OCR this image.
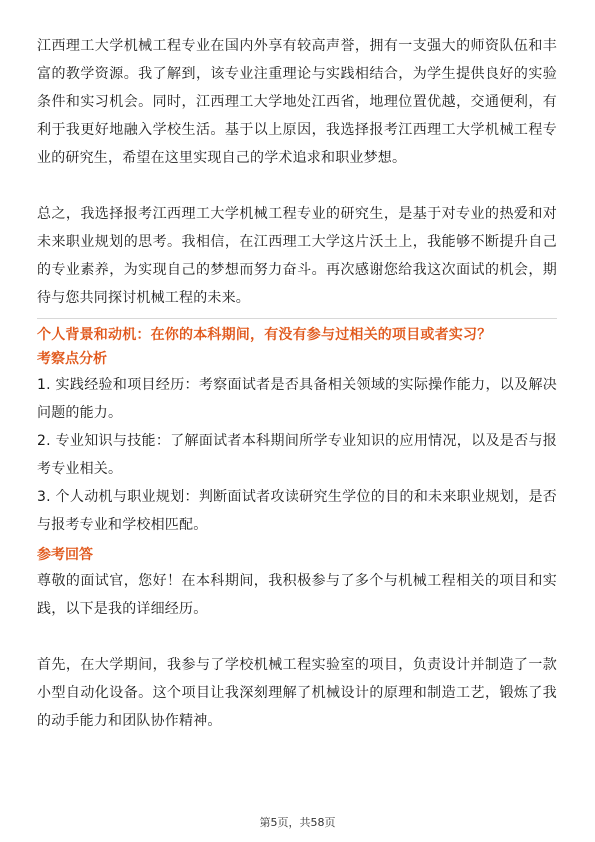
江西理工大学机械工程专业在国内外享有较高声誉，拥有一支强大的师资队伍和丰富的教学资源。我了解到，该专业注重理论与实践相结合，为学生提供良好的实验条件和实习机会。同时，江西理工大学地处江西省，地理位置优越，交通便利，有利于我更好地融入学校生活。基于以上原因，我选择报考江西理工大学机械工程专业的研究生，希望在这里实现自己的学术追求和职业梦想。

总之，我选择报考江西理工大学机械工程专业的研究生，是基于对专业的热爱和对未来职业规划的思考。我相信，在江西理工大学这片沃土上，我能够不断提升自己的专业素养，为实现自己的梦想而努力奋斗。再次感谢您给我这次面试的机会，期待与您共同探讨机械工程的未来。

个人背景和动机：在你的本科期间，有没有参与过相关的项目或者实习？

考察点分析

1. 实践经验和项目经历：考察面试者是否具备相关领域的实际操作能力，以及解决问题的能力。

2. 专业知识与技能：了解面试者本科期间所学专业知识的应用情况，以及是否与报考专业相关。

3. 个人动机与职业规划：判断面试者攻读研究生学位的目的和未来职业规划，是否与报考专业和学校相匹配。

参考回答

尊敬的面试官，您好！在本科期间，我积极参与了多个与机械工程相关的项目和实践，以下是我的详细经历。

首先，在大学期间，我参与了学校机械工程实验室的项目，负责设计并制造了一款小型自动化设备。这个项目让我深刻理解了机械设计的原理和制造工艺，锻炼了我的动手能力和团队协作精神。

第5页，共58页
